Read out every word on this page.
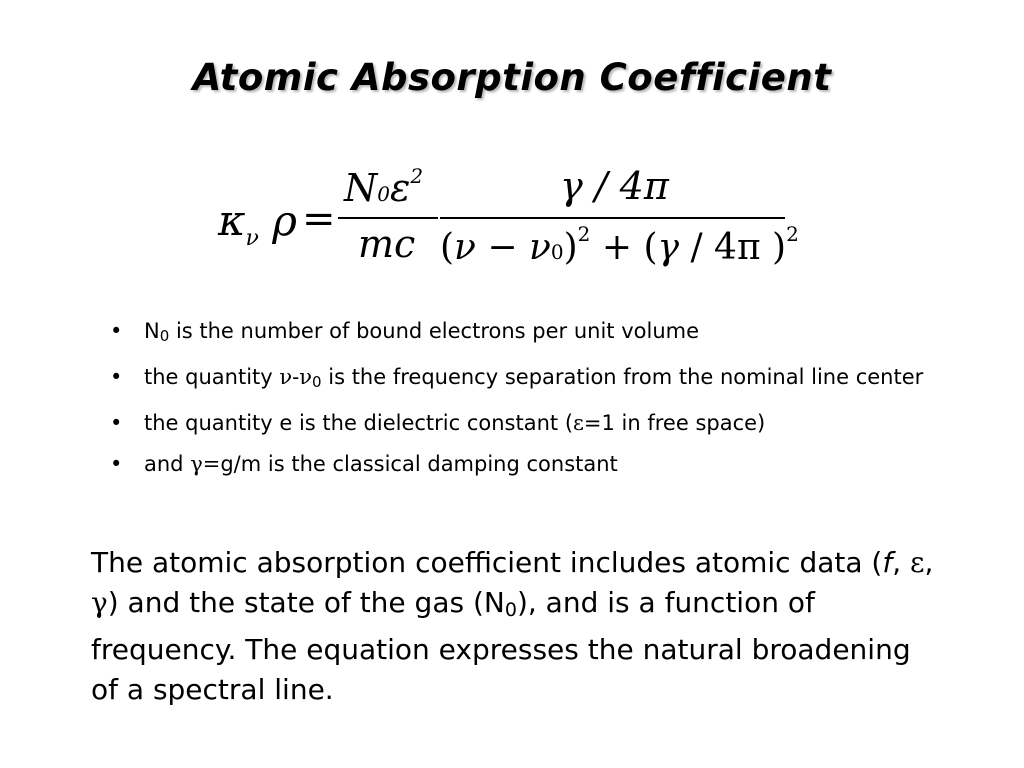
Atomic Absorption Coefficient
$\kappa_\nu$ ρ =
$N0\varepsilon^2$
mc
γ / 4π
$(\nu - \nu 0)^2 + (\gamma / 4\pi$ )$^2$
• $N_0$ is the number of bound electrons per unit volume
• the quantity $\nu-\nu_0$ is the frequency separation from the nominal line center
• the quantity e is the dielectric constant (ε=1 in free space)
• and γ=g/m is the classical damping constant

The atomic absorption coefficient includes atomic data (f, ε, γ) and the state of the gas $(N_0)$, and is a function of frequency. The equation expresses the natural broadening of a spectral line.
